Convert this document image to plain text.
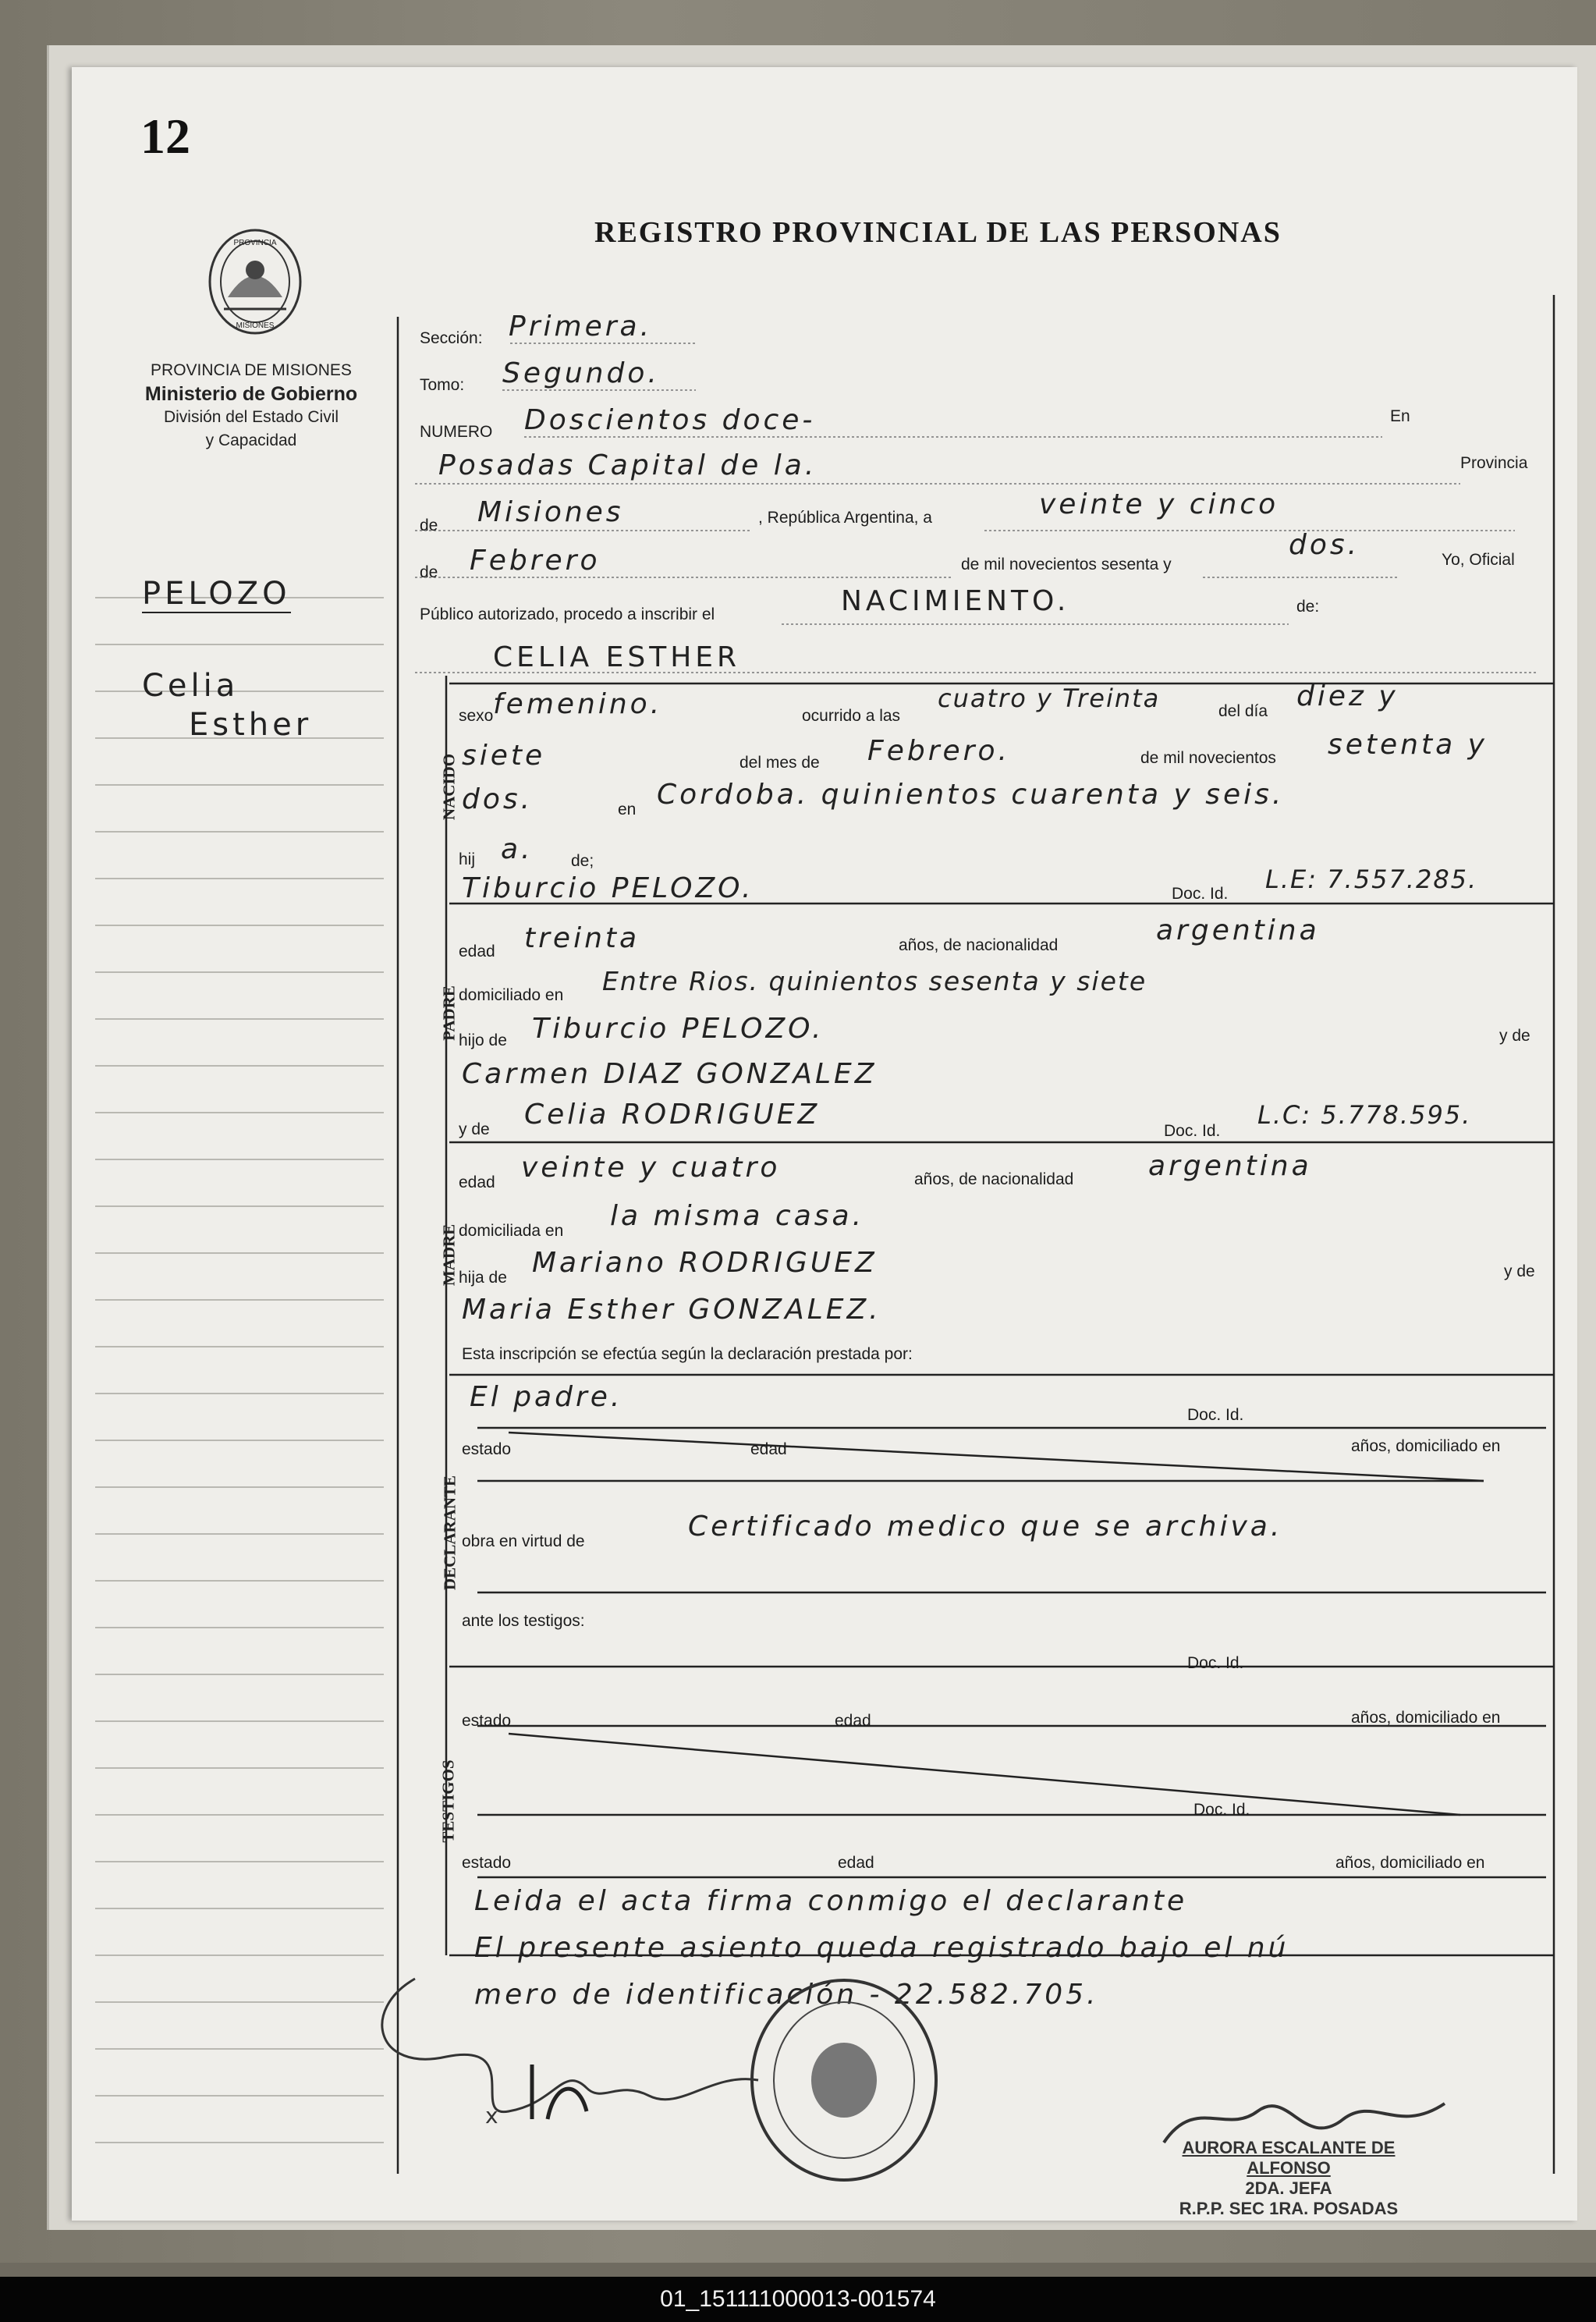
12
REGISTRO PROVINCIAL DE LAS PERSONAS
PROVINCIA
MISIONES
PROVINCIA DE MISIONES
Ministerio de Gobierno
División del Estado Civil
y Capacidad
PELOZO
Celia
Esther
Sección: Primera.
Tomo: Segundo.
NUMERO Doscientos doce-	En
Posadas Capital de la.	Provincia
de Misiones	, República Argentina, a	veinte y cinco
de Febrero	de mil novecientos sesenta y
dos.	Yo, Oficial
Público autorizado, procedo a inscribir el	NACIMIENTO.	de:
CELIA ESTHER
NACIDO
sexo femenino.	ocurrido a las
cuatro y Treinta	del día diez y
siete	del mes de Febrero.	de mil novecientos setenta y
dos.	en Cordoba. quinientos cuarenta y seis.
hij a. de;
Tiburcio PELOZO.	Doc. Id. L.E: 7.557.285.
PADRE
edad treinta	años, de nacionalidad	argentina
domiciliado en Entre Rios. quinientos sesenta y siete
hijo de Tiburcio PELOZO.	y de
Carmen DIAZ GONZALEZ
y de Celia RODRIGUEZ
Doc. Id.
L.C: 5.778.595.
MADRE
edad veinte y cuatro	años, de nacionalidad	argentina
domiciliada en la misma casa.
hija de Mariano RODRIGUEZ	y de
Maria Esther GONZALEZ.
Esta inscripción se efectúa según la declaración prestada por:
DECLARANTE
El padre.
Doc. Id.
estado	edad	años, domiciliado en
obra en virtud de	Certificado medico que se archiva.
ante los testigos:
TESTIGOS
Doc. Id.
estado	edad	años, domiciliado en
Doc. Id.
estado	edad	años, domiciliado en
Leida el acta firma conmigo el declarante
El presente asiento queda registrado bajo el nú
mero de identificación - 22.582.705.
x
AURORA ESCALANTE DE ALFONSO
2DA. JEFA
R.P.P. SEC 1RA. POSADAS
01_151111000013-001574
